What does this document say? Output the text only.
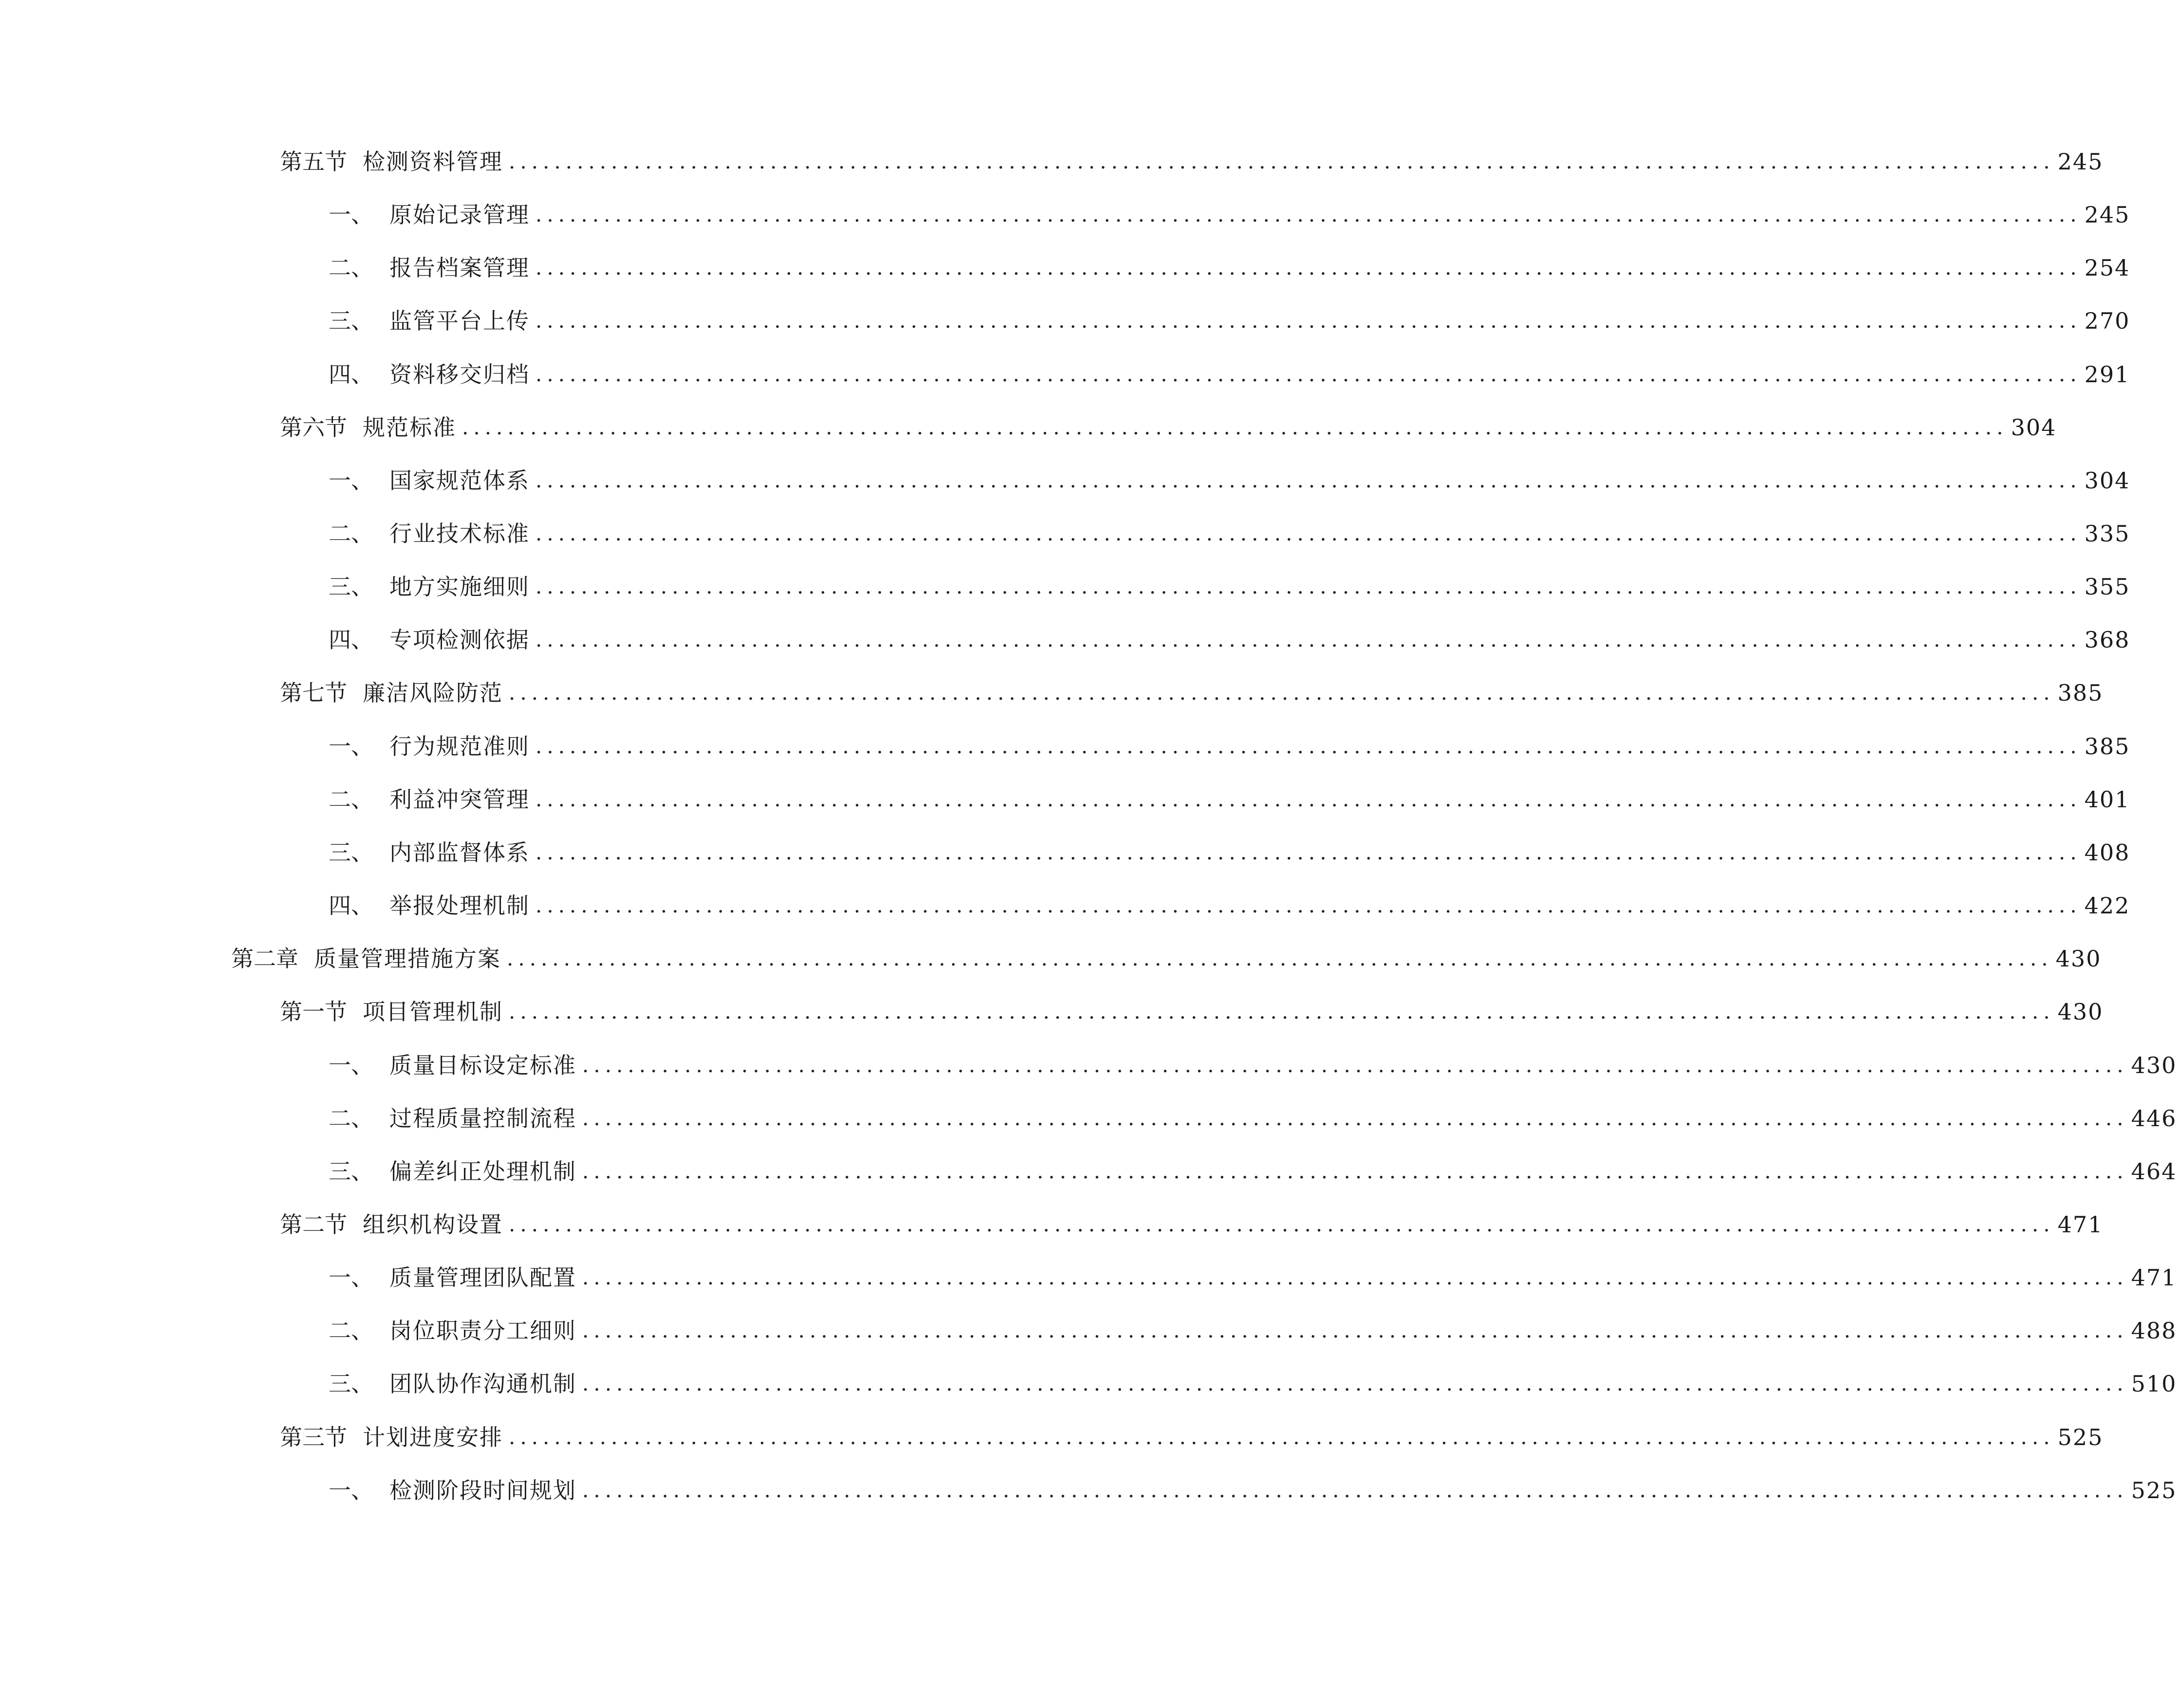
第五节 检测资料管理 ........................................................................................................................................ 245
一、 原始记录管理 ........................................................................................................................................ 245
二、 报告档案管理 ........................................................................................................................................ 254
三、 监管平台上传 ........................................................................................................................................ 270
四、 资料移交归档 ........................................................................................................................................ 291
第六节 规范标准 ........................................................................................................................................ 304
一、 国家规范体系 ........................................................................................................................................ 304
二、 行业技术标准 ........................................................................................................................................ 335
三、 地方实施细则 ........................................................................................................................................ 355
四、 专项检测依据 ........................................................................................................................................ 368
第七节 廉洁风险防范 ........................................................................................................................................ 385
一、 行为规范准则 ........................................................................................................................................ 385
二、 利益冲突管理 ........................................................................................................................................ 401
三、 内部监督体系 ........................................................................................................................................ 408
四、 举报处理机制 ........................................................................................................................................ 422
第二章 质量管理措施方案 ........................................................................................................................................ 430
第一节 项目管理机制 ........................................................................................................................................ 430
一、 质量目标设定标准 ........................................................................................................................................ 430
二、 过程质量控制流程 ........................................................................................................................................ 446
三、 偏差纠正处理机制 ........................................................................................................................................ 464
第二节 组织机构设置 ........................................................................................................................................ 471
一、 质量管理团队配置 ........................................................................................................................................ 471
二、 岗位职责分工细则 ........................................................................................................................................ 488
三、 团队协作沟通机制 ........................................................................................................................................ 510
第三节 计划进度安排 ........................................................................................................................................ 525
一、 检测阶段时间规划 ........................................................................................................................................ 525
